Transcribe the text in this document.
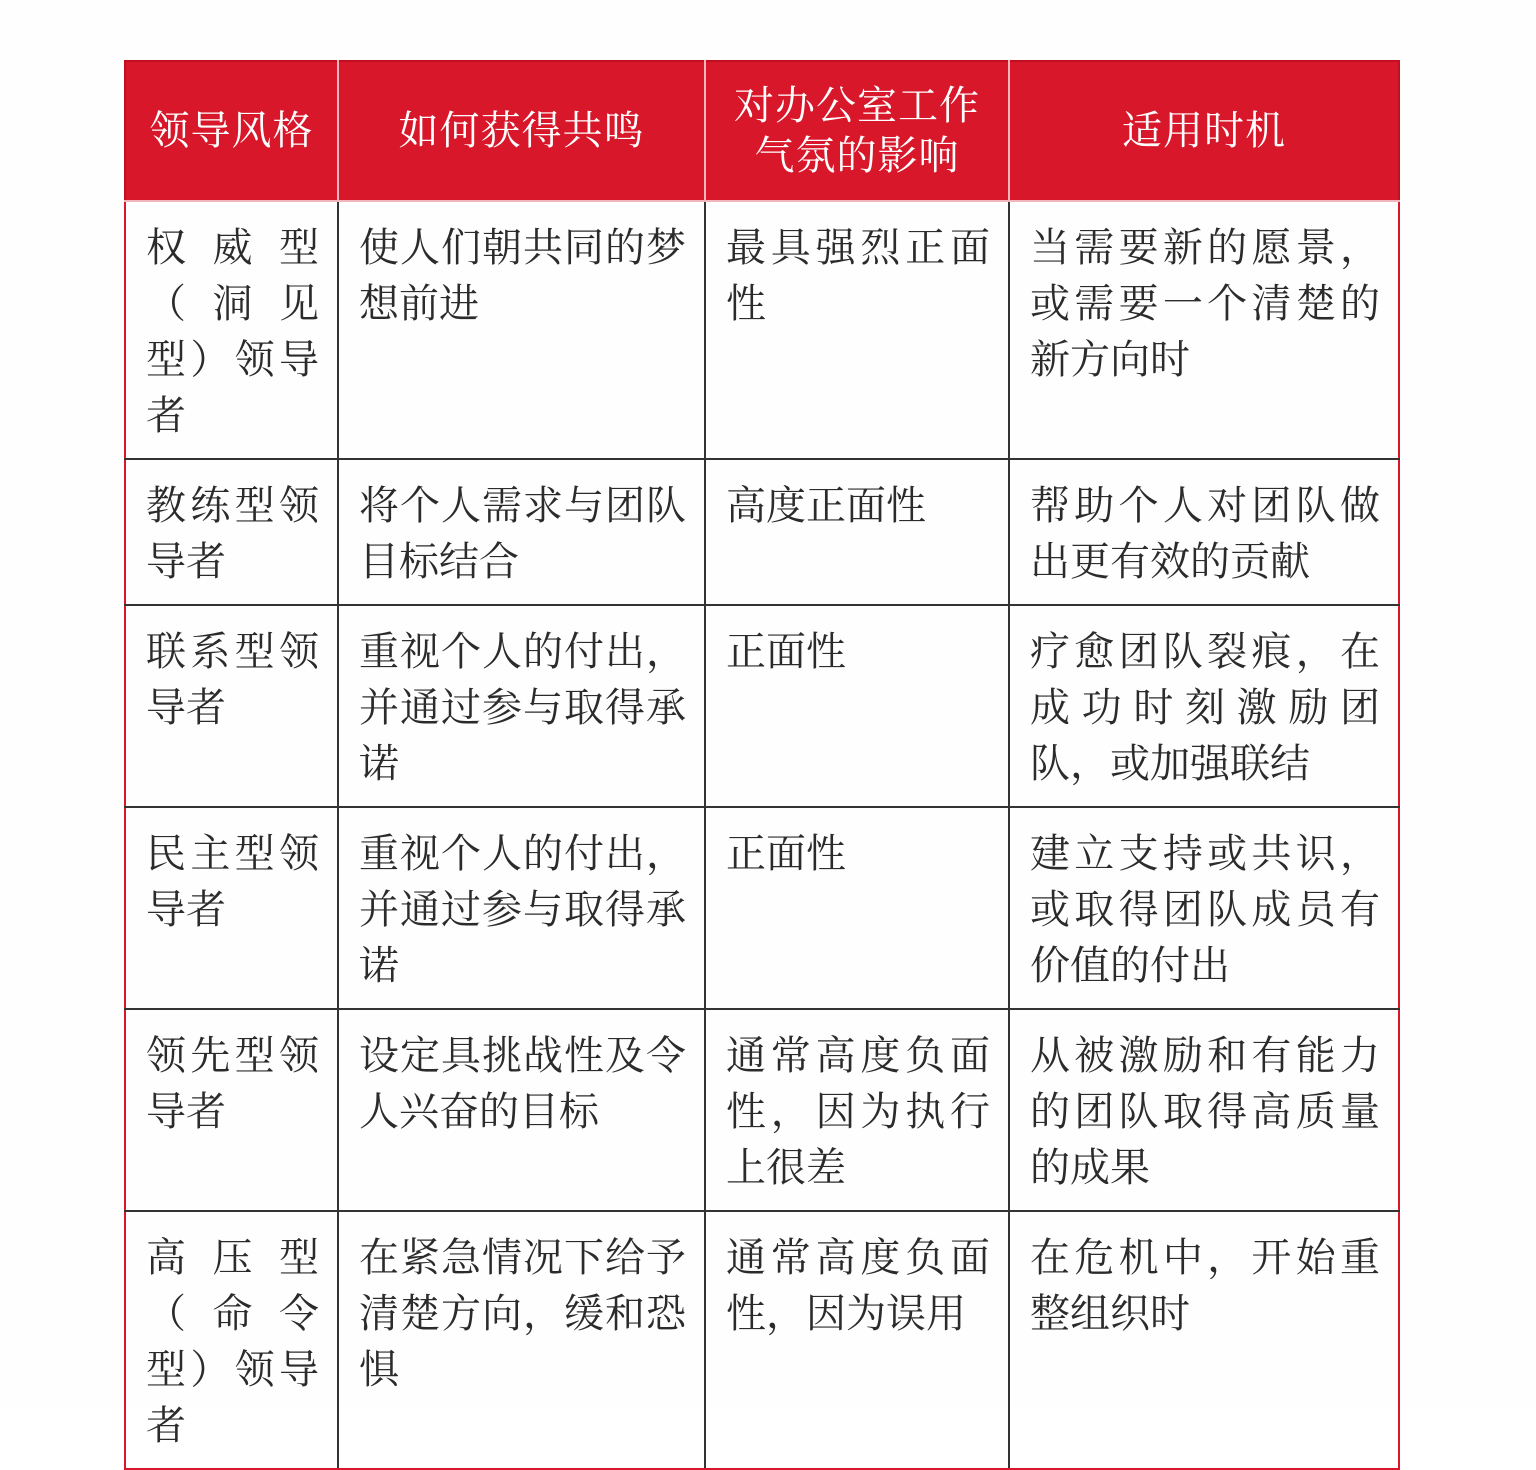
领导风格	如何获得共鸣	对办公室工作气氛的影响	适用时机
权威型（洞见型）领导者	使人们朝共同的梦想前进	最具强烈正面性	当需要新的愿景，或需要一个清楚的新方向时
教练型领导者	将个人需求与团队目标结合	高度正面性	帮助个人对团队做出更有效的贡献
联系型领导者	重视个人的付出，并通过参与取得承诺	正面性	疗愈团队裂痕，在成功时刻激励团队，或加强联结
民主型领导者	重视个人的付出，并通过参与取得承诺	正面性	建立支持或共识，或取得团队成员有价值的付出
领先型领导者	设定具挑战性及令人兴奋的目标	通常高度负面性，因为执行上很差	从被激励和有能力的团队取得高质量的成果
高压型（命令型）领导者	在紧急情况下给予清楚方向，缓和恐惧	通常高度负面性，因为误用	在危机中，开始重整组织时
